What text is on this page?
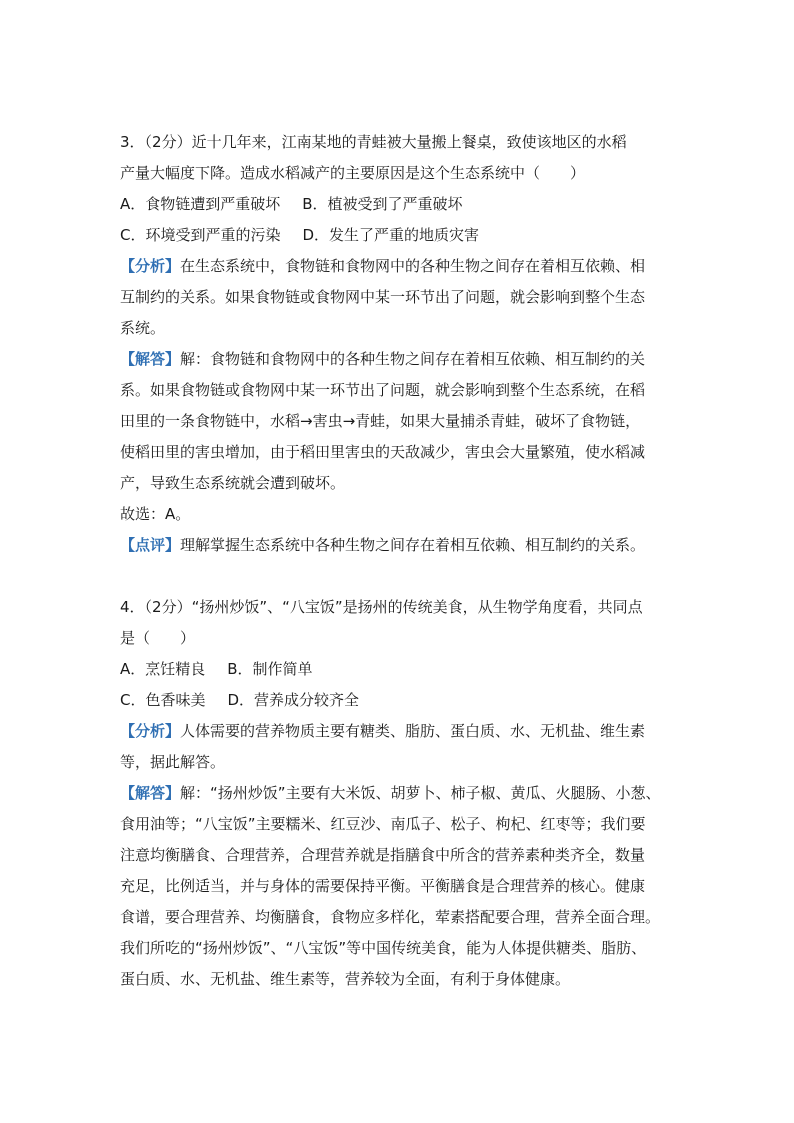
3．（2分）近十几年来，江南某地的青蛙被大量搬上餐桌，致使该地区的水稻
产量大幅度下降。造成水稻减产的主要原因是这个生态系统中（　　）
A．食物链遭到严重破坏 B．植被受到了严重破坏
C．环境受到严重的污染 D．发生了严重的地质灾害
【分析】在生态系统中，食物链和食物网中的各种生物之间存在着相互依赖、相
互制约的关系。如果食物链或食物网中某一环节出了问题，就会影响到整个生态
系统。
【解答】解：食物链和食物网中的各种生物之间存在着相互依赖、相互制约的关
系。如果食物链或食物网中某一环节出了问题，就会影响到整个生态系统，在稻
田里的一条食物链中，水稻→害虫→青蛙，如果大量捕杀青蛙，破坏了食物链，
使稻田里的害虫增加，由于稻田里害虫的天敌减少，害虫会大量繁殖，使水稻减
产，导致生态系统就会遭到破坏。
故选：A。
【点评】理解掌握生态系统中各种生物之间存在着相互依赖、相互制约的关系。
4．（2分）“扬州炒饭”、“八宝饭”是扬州的传统美食，从生物学角度看，共同点
是（　　）
A．烹饪精良 B．制作简单
C．色香味美 D．营养成分较齐全
【分析】人体需要的营养物质主要有糖类、脂肪、蛋白质、水、无机盐、维生素
等，据此解答。
【解答】解：“扬州炒饭”主要有大米饭、胡萝卜、柿子椒、黄瓜、火腿肠、小葱、
食用油等；“八宝饭”主要糯米、红豆沙、南瓜子、松子、枸杞、红枣等；我们要
注意均衡膳食、合理营养，合理营养就是指膳食中所含的营养素种类齐全，数量
充足，比例适当，并与身体的需要保持平衡。平衡膳食是合理营养的核心。健康
食谱，要合理营养、均衡膳食，食物应多样化，荤素搭配要合理，营养全面合理。
我们所吃的“扬州炒饭”、“八宝饭”等中国传统美食，能为人体提供糖类、脂肪、
蛋白质、水、无机盐、维生素等，营养较为全面，有利于身体健康。
